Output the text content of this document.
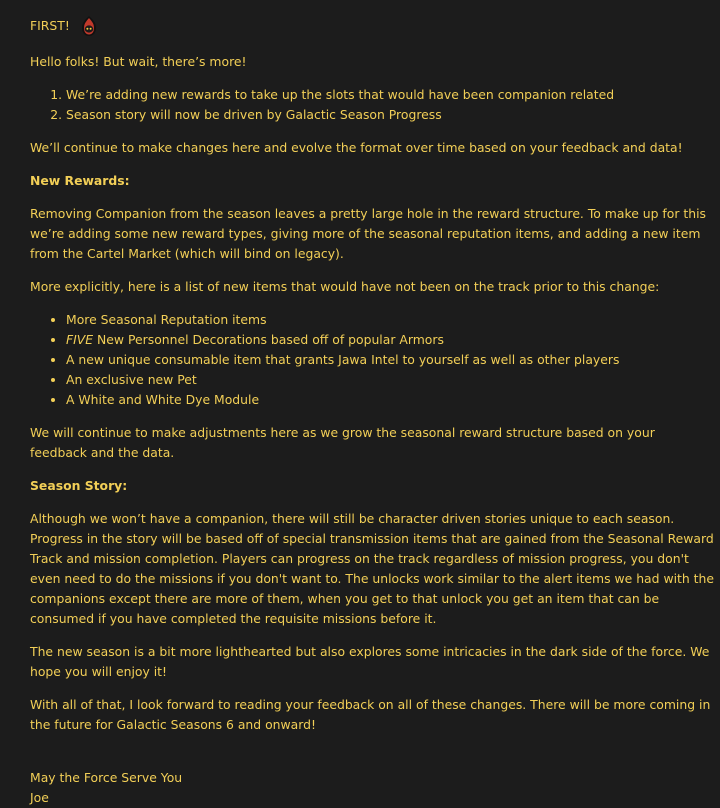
FIRST!

Hello folks! But wait, there’s more!

1. We’re adding new rewards to take up the slots that would have been companion related
2. Season story will now be driven by Galactic Season Progress

We’ll continue to make changes here and evolve the format over time based on your feedback and data!

New Rewards:

Removing Companion from the season leaves a pretty large hole in the reward structure. To make up for this we’re adding some new reward types, giving more of the seasonal reputation items, and adding a new item from the Cartel Market (which will bind on legacy).

More explicitly, here is a list of new items that would have not been on the track prior to this change:

• More Seasonal Reputation items
• FIVE New Personnel Decorations based off of popular Armors
• A new unique consumable item that grants Jawa Intel to yourself as well as other players
• An exclusive new Pet
• A White and White Dye Module

We will continue to make adjustments here as we grow the seasonal reward structure based on your feedback and the data.

Season Story:

Although we won’t have a companion, there will still be character driven stories unique to each season. Progress in the story will be based off of special transmission items that are gained from the Seasonal Reward Track and mission completion. Players can progress on the track regardless of mission progress, you don't even need to do the missions if you don't want to. The unlocks work similar to the alert items we had with the companions except there are more of them, when you get to that unlock you get an item that can be consumed if you have completed the requisite missions before it.

The new season is a bit more lighthearted but also explores some intricacies in the dark side of the force. We hope you will enjoy it!

With all of that, I look forward to reading your feedback on all of these changes. There will be more coming in the future for Galactic Seasons 6 and onward!

May the Force Serve You
Joe
